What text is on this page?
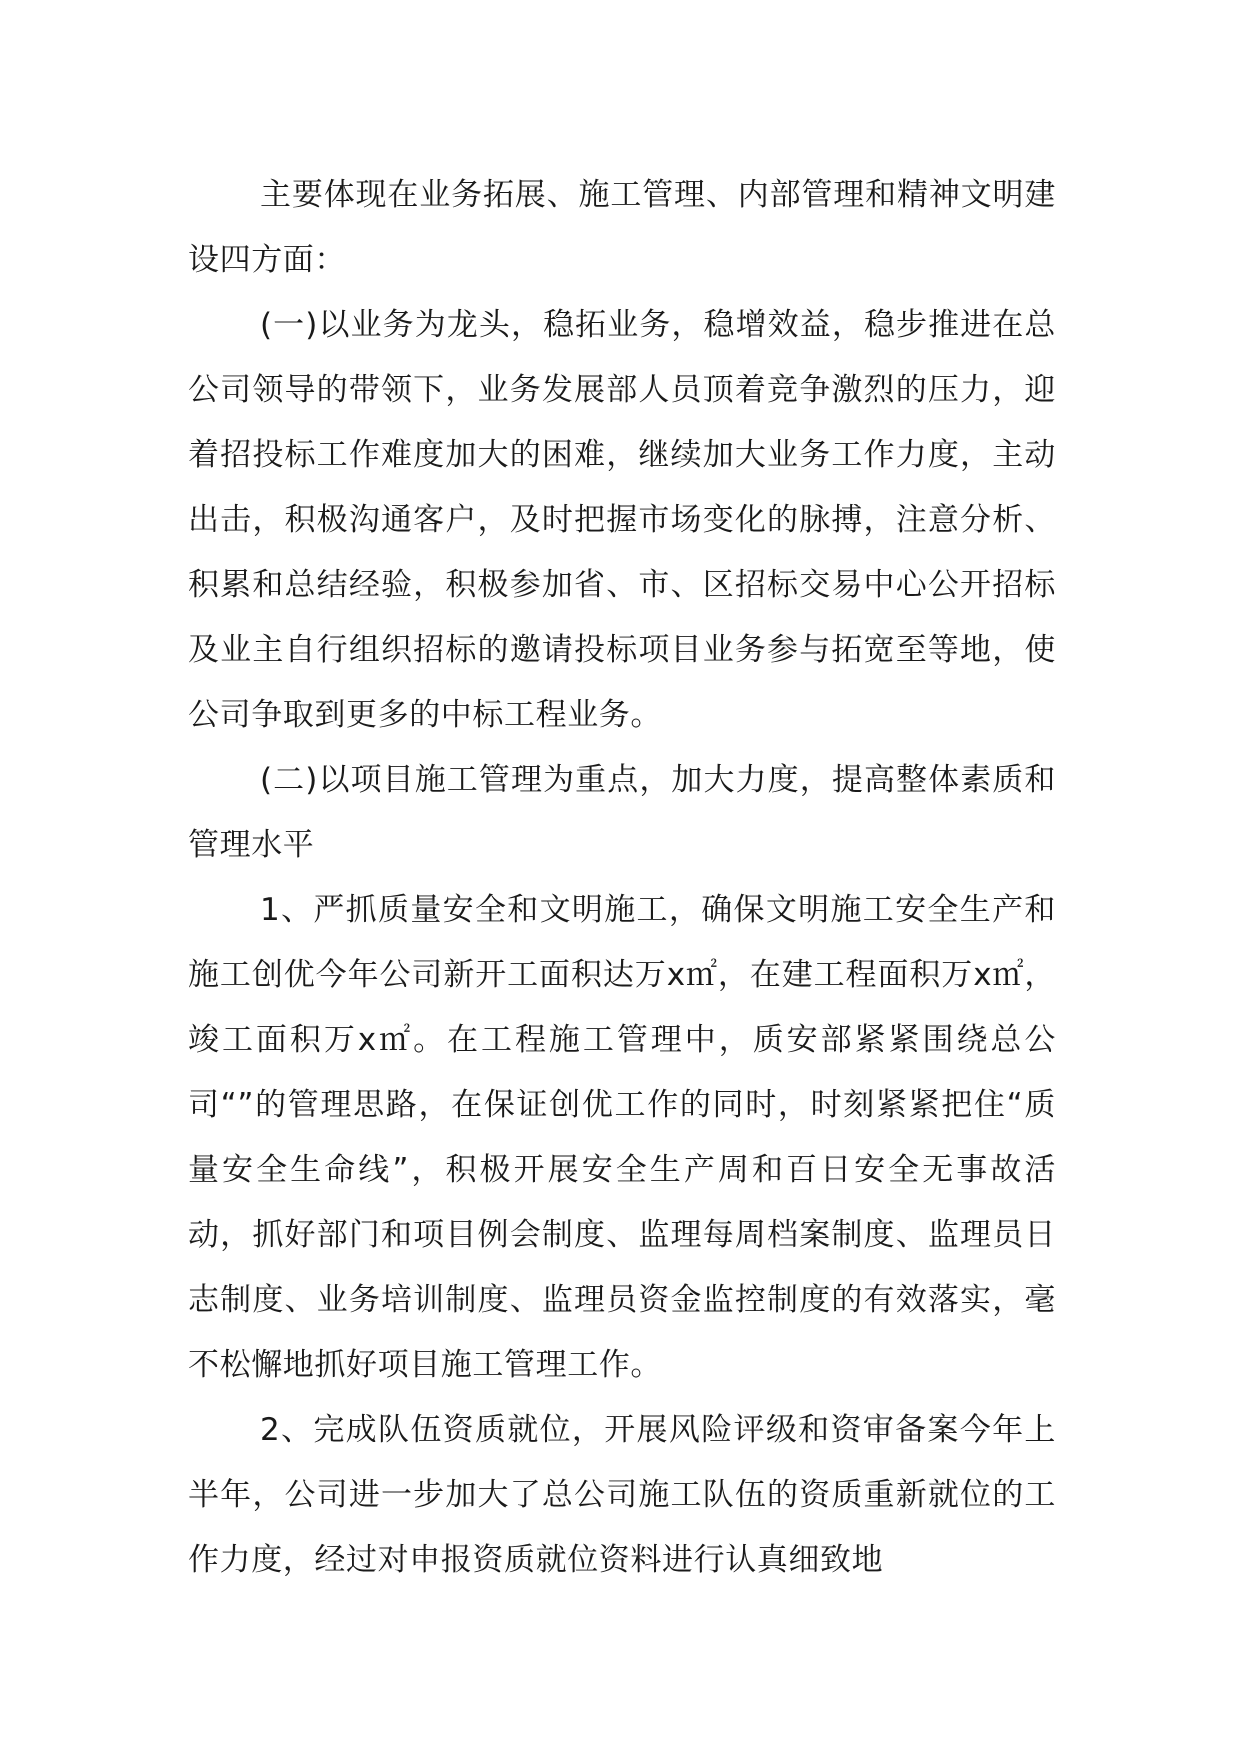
主要体现在业务拓展、施工管理、内部管理和精神文明建设四方面：

(一)以业务为龙头，稳拓业务，稳增效益，稳步推进在总公司领导的带领下，业务发展部人员顶着竞争激烈的压力，迎着招投标工作难度加大的困难，继续加大业务工作力度，主动出击，积极沟通客户，及时把握市场变化的脉搏，注意分析、积累和总结经验，积极参加省、市、区招标交易中心公开招标及业主自行组织招标的邀请投标项目业务参与拓宽至等地，使公司争取到更多的中标工程业务。

(二)以项目施工管理为重点，加大力度，提高整体素质和管理水平

1、严抓质量安全和文明施工，确保文明施工安全生产和施工创优今年公司新开工面积达万x㎡，在建工程面积万x㎡，竣工面积万x㎡。在工程施工管理中，质安部紧紧围绕总公司“”的管理思路，在保证创优工作的同时，时刻紧紧把住“质量安全生命线”，积极开展安全生产周和百日安全无事故活动，抓好部门和项目例会制度、监理每周档案制度、监理员日志制度、业务培训制度、监理员资金监控制度的有效落实，毫不松懈地抓好项目施工管理工作。

2、完成队伍资质就位，开展风险评级和资审备案今年上半年，公司进一步加大了总公司施工队伍的资质重新就位的工作力度，经过对申报资质就位资料进行认真细致地
